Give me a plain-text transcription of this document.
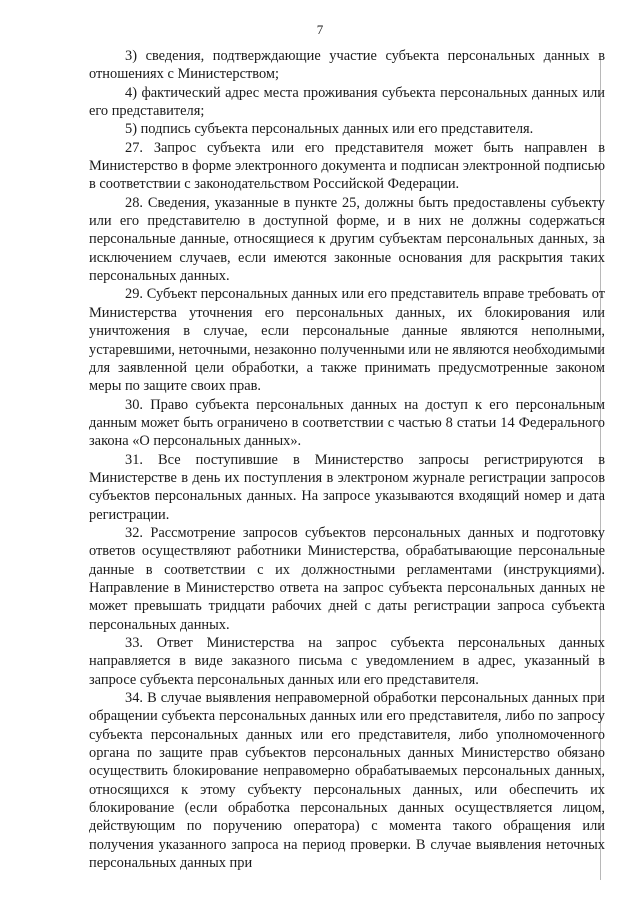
7

3) сведения, подтверждающие участие субъекта персональных данных в отношениях с Министерством;

4) фактический адрес места проживания субъекта персональных данных или его представителя;

5) подпись субъекта персональных данных или его представителя.

27. Запрос субъекта или его представителя может быть направлен в Министерство в форме электронного документа и подписан электронной подписью в соответствии с законодательством Российской Федерации.

28. Сведения, указанные в пункте 25, должны быть предоставлены субъекту или его представителю в доступной форме, и в них не должны содержаться персональные данные, относящиеся к другим субъектам персональных данных, за исключением случаев, если имеются законные основания для раскрытия таких персональных данных.

29. Субъект персональных данных или его представитель вправе требовать от Министерства уточнения его персональных данных, их блокирования или уничтожения в случае, если персональные данные являются неполными, устаревшими, неточными, незаконно полученными или не являются необходимыми для заявленной цели обработки, а также принимать предусмотренные законом меры по защите своих прав.

30. Право субъекта персональных данных на доступ к его персональным данным может быть ограничено в соответствии с частью 8 статьи 14 Федерального закона «О персональных данных».

31. Все поступившие в Министерство запросы регистрируются в Министерстве в день их поступления в электроном журнале регистрации запросов субъектов персональных данных. На запросе указываются входящий номер и дата регистрации.

32. Рассмотрение запросов субъектов персональных данных и подготовку ответов осуществляют работники Министерства, обрабатывающие персональные данные в соответствии с их должностными регламентами (инструкциями). Направление в Министерство ответа на запрос субъекта персональных данных не может превышать тридцати рабочих дней с даты регистрации запроса субъекта персональных данных.

33. Ответ Министерства на запрос субъекта персональных данных направляется в виде заказного письма с уведомлением в адрес, указанный в запросе субъекта персональных данных или его представителя.

34. В случае выявления неправомерной обработки персональных данных при обращении субъекта персональных данных или его представителя, либо по запросу субъекта персональных данных или его представителя, либо уполномоченного органа по защите прав субъектов персональных данных Министерство обязано осуществить блокирование неправомерно обрабатываемых персональных данных, относящихся к этому субъекту персональных данных, или обеспечить их блокирование (если обработка персональных данных осуществляется лицом, действующим по поручению оператора) с момента такого обращения или получения указанного запроса на период проверки. В случае выявления неточных персональных данных при
